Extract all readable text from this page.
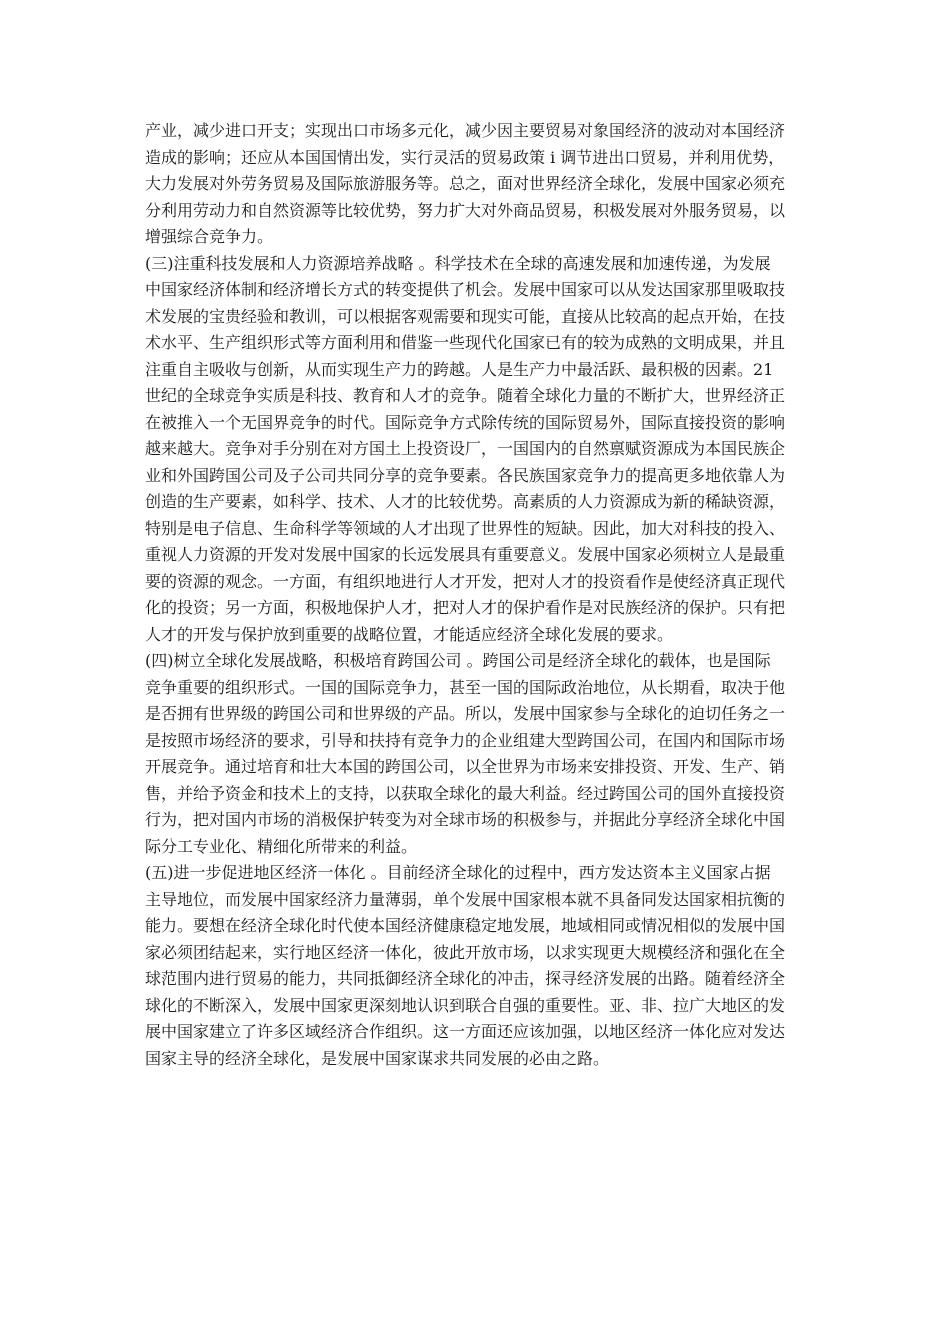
产业，减少进口开支；实现出口市场多元化，减少因主要贸易对象国经济的波动对本国经济
造成的影响；还应从本国国情出发，实行灵活的贸易政策 i 调节进出口贸易，并利用优势，
大力发展对外劳务贸易及国际旅游服务等。总之，面对世界经济全球化，发展中国家必须充
分利用劳动力和自然资源等比较优势，努力扩大对外商品贸易，积极发展对外服务贸易，以
增强综合竞争力。
(三)注重科技发展和人力资源培养战略 。科学技术在全球的高速发展和加速传递，为发展
中国家经济体制和经济增长方式的转变提供了机会。发展中国家可以从发达国家那里吸取技
术发展的宝贵经验和教训，可以根据客观需要和现实可能，直接从比较高的起点开始，在技
术水平、生产组织形式等方面利用和借鉴一些现代化国家已有的较为成熟的文明成果，并且
注重自主吸收与创新，从而实现生产力的跨越。人是生产力中最活跃、最积极的因素。21
世纪的全球竞争实质是科技、教育和人才的竞争。随着全球化力量的不断扩大，世界经济正
在被推入一个无国界竞争的时代。国际竞争方式除传统的国际贸易外，国际直接投资的影响
越来越大。竞争对手分别在对方国土上投资设厂，一国国内的自然禀赋资源成为本国民族企
业和外国跨国公司及子公司共同分享的竞争要素。各民族国家竞争力的提高更多地依靠人为
创造的生产要素，如科学、技术、人才的比较优势。高素质的人力资源成为新的稀缺资源，
特别是电子信息、生命科学等领域的人才出现了世界性的短缺。因此，加大对科技的投入、
重视人力资源的开发对发展中国家的长远发展具有重要意义。发展中国家必须树立人是最重
要的资源的观念。一方面，有组织地进行人才开发，把对人才的投资看作是使经济真正现代
化的投资；另一方面，积极地保护人才，把对人才的保护看作是对民族经济的保护。只有把
人才的开发与保护放到重要的战略位置，才能适应经济全球化发展的要求。
(四)树立全球化发展战略，积极培育跨国公司 。跨国公司是经济全球化的载体，也是国际
竞争重要的组织形式。一国的国际竞争力，甚至一国的国际政治地位，从长期看，取决于他
是否拥有世界级的跨国公司和世界级的产品。所以，发展中国家参与全球化的迫切任务之一
是按照市场经济的要求，引导和扶持有竞争力的企业组建大型跨国公司，在国内和国际市场
开展竞争。通过培育和壮大本国的跨国公司，以全世界为市场来安排投资、开发、生产、销
售，并给予资金和技术上的支持，以获取全球化的最大利益。经过跨国公司的国外直接投资
行为，把对国内市场的消极保护转变为对全球市场的积极参与，并据此分享经济全球化中国
际分工专业化、精细化所带来的利益。
(五)进一步促进地区经济一体化 。目前经济全球化的过程中，西方发达资本主义国家占据
主导地位，而发展中国家经济力量薄弱，单个发展中国家根本就不具备同发达国家相抗衡的
能力。要想在经济全球化时代使本国经济健康稳定地发展，地域相同或情况相似的发展中国
家必须团结起来，实行地区经济一体化，彼此开放市场，以求实现更大规模经济和强化在全
球范围内进行贸易的能力，共同抵御经济全球化的冲击，探寻经济发展的出路。随着经济全
球化的不断深入，发展中国家更深刻地认识到联合自强的重要性。亚、非、拉广大地区的发
展中国家建立了许多区域经济合作组织。这一方面还应该加强，以地区经济一体化应对发达
国家主导的经济全球化，是发展中国家谋求共同发展的必由之路。
